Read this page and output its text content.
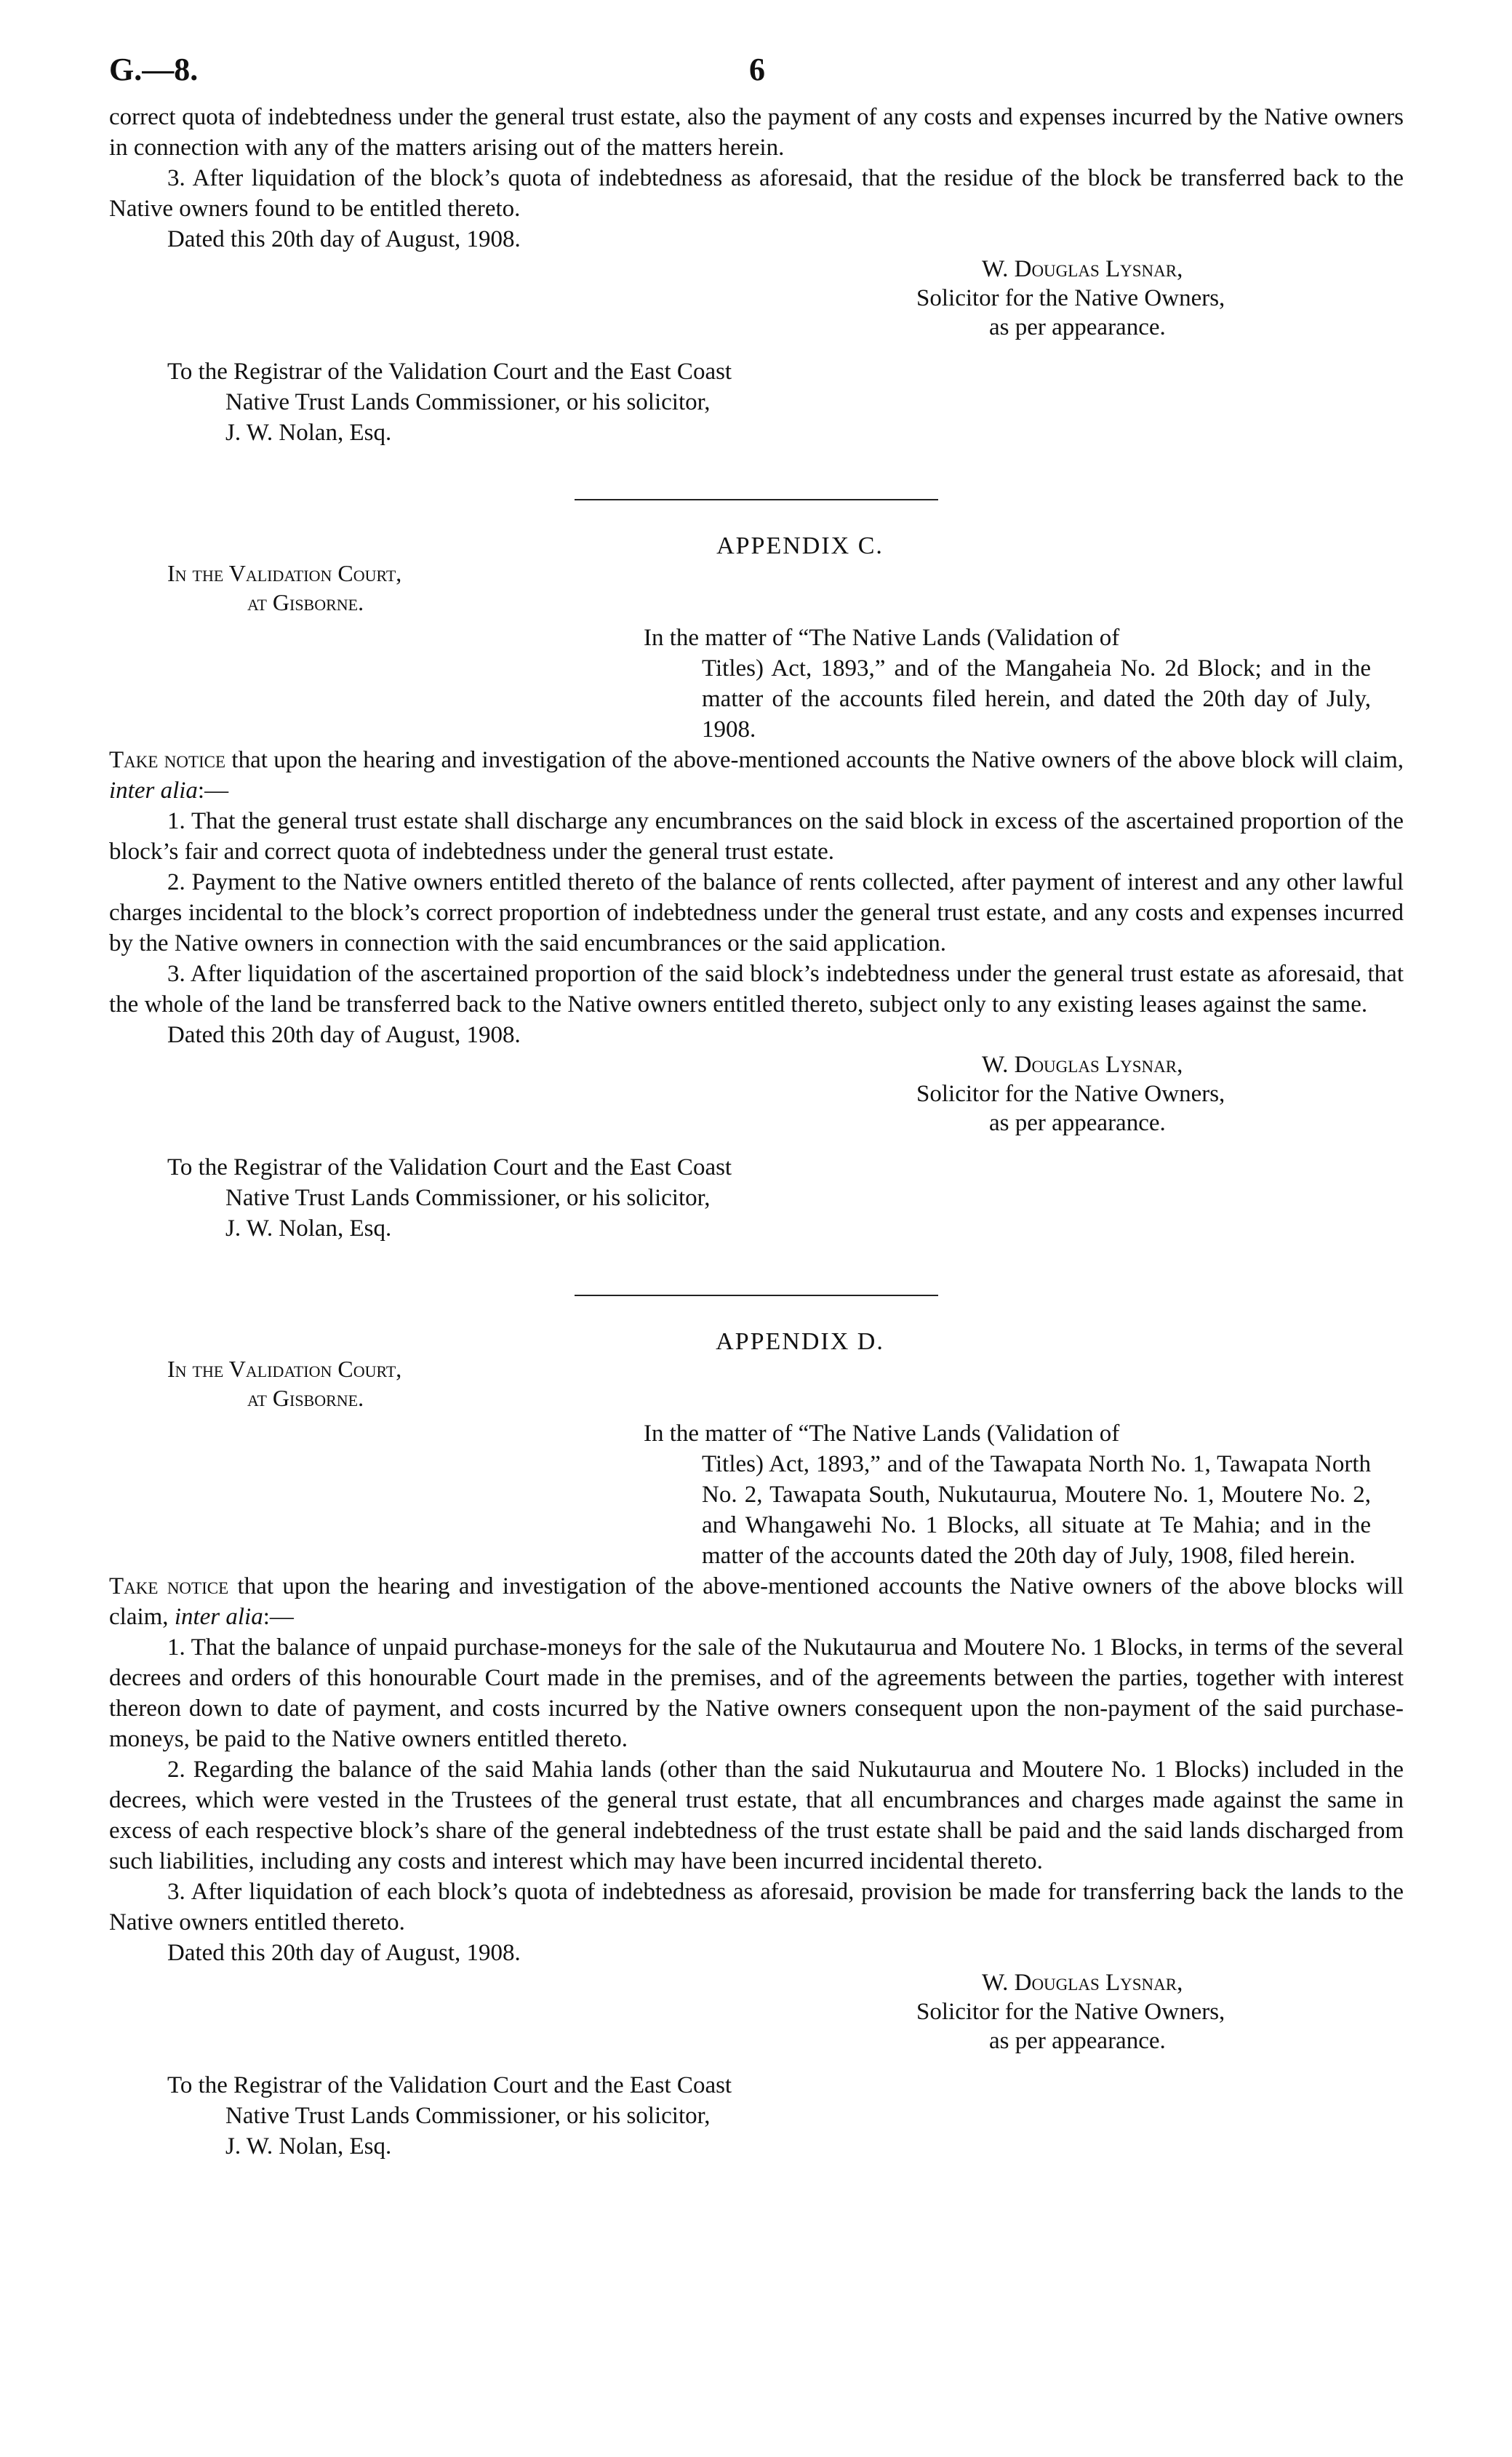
G.—8.	6

correct quota of indebtedness under the general trust estate, also the payment of any costs and expenses incurred by the Native owners in connection with any of the matters arising out of the matters herein.

3. After liquidation of the block’s quota of indebtedness as aforesaid, that the residue of the block be transferred back to the Native owners found to be entitled thereto.

Dated this 20th day of August, 1908.

W. Douglas Lysnar,
Solicitor for the Native Owners,
as per appearance.
To the Registrar of the Validation Court and the East Coast
Native Trust Lands Commissioner, or his solicitor,
J. W. Nolan, Esq.
APPENDIX C.
In the Validation Court,
at Gisborne.
In the matter of “The Native Lands (Validation of
Titles) Act, 1893,” and of the Mangaheia No. 2d Block; and in the matter of the accounts filed herein, and dated the 20th day of July, 1908.

Take notice that upon the hearing and investigation of the above-mentioned accounts the Native owners of the above block will claim, inter alia:—

1. That the general trust estate shall discharge any encumbrances on the said block in excess of the ascertained proportion of the block’s fair and correct quota of indebtedness under the general trust estate.

2. Payment to the Native owners entitled thereto of the balance of rents collected, after payment of interest and any other lawful charges incidental to the block’s correct proportion of indebtedness under the general trust estate, and any costs and expenses incurred by the Native owners in connection with the said encumbrances or the said application.

3. After liquidation of the ascertained proportion of the said block’s indebtedness under the general trust estate as aforesaid, that the whole of the land be transferred back to the Native owners entitled thereto, subject only to any existing leases against the same.

Dated this 20th day of August, 1908.

W. Douglas Lysnar,
Solicitor for the Native Owners,
as per appearance.
To the Registrar of the Validation Court and the East Coast
Native Trust Lands Commissioner, or his solicitor,
J. W. Nolan, Esq.
APPENDIX D.
In the Validation Court,
at Gisborne.
In the matter of “The Native Lands (Validation of
Titles) Act, 1893,” and of the Tawapata North No. 1, Tawapata North No. 2, Tawapata South, Nukutaurua, Moutere No. 1, Moutere No. 2, and Whangawehi No. 1 Blocks, all situate at Te Mahia; and in the matter of the accounts dated the 20th day of July, 1908, filed herein.

Take notice that upon the hearing and investigation of the above-mentioned accounts the Native owners of the above blocks will claim, inter alia:—

1. That the balance of unpaid purchase-moneys for the sale of the Nukutaurua and Moutere No. 1 Blocks, in terms of the several decrees and orders of this honourable Court made in the premises, and of the agreements between the parties, together with interest thereon down to date of payment, and costs incurred by the Native owners consequent upon the non-payment of the said purchase-moneys, be paid to the Native owners entitled thereto.

2. Regarding the balance of the said Mahia lands (other than the said Nukutaurua and Moutere No. 1 Blocks) included in the decrees, which were vested in the Trustees of the general trust estate, that all encumbrances and charges made against the same in excess of each respective block’s share of the general indebtedness of the trust estate shall be paid and the said lands discharged from such liabilities, including any costs and interest which may have been incurred incidental thereto.

3. After liquidation of each block’s quota of indebtedness as aforesaid, provision be made for transferring back the lands to the Native owners entitled thereto.

Dated this 20th day of August, 1908.

W. Douglas Lysnar,
Solicitor for the Native Owners,
as per appearance.
To the Registrar of the Validation Court and the East Coast
Native Trust Lands Commissioner, or his solicitor,
J. W. Nolan, Esq.
